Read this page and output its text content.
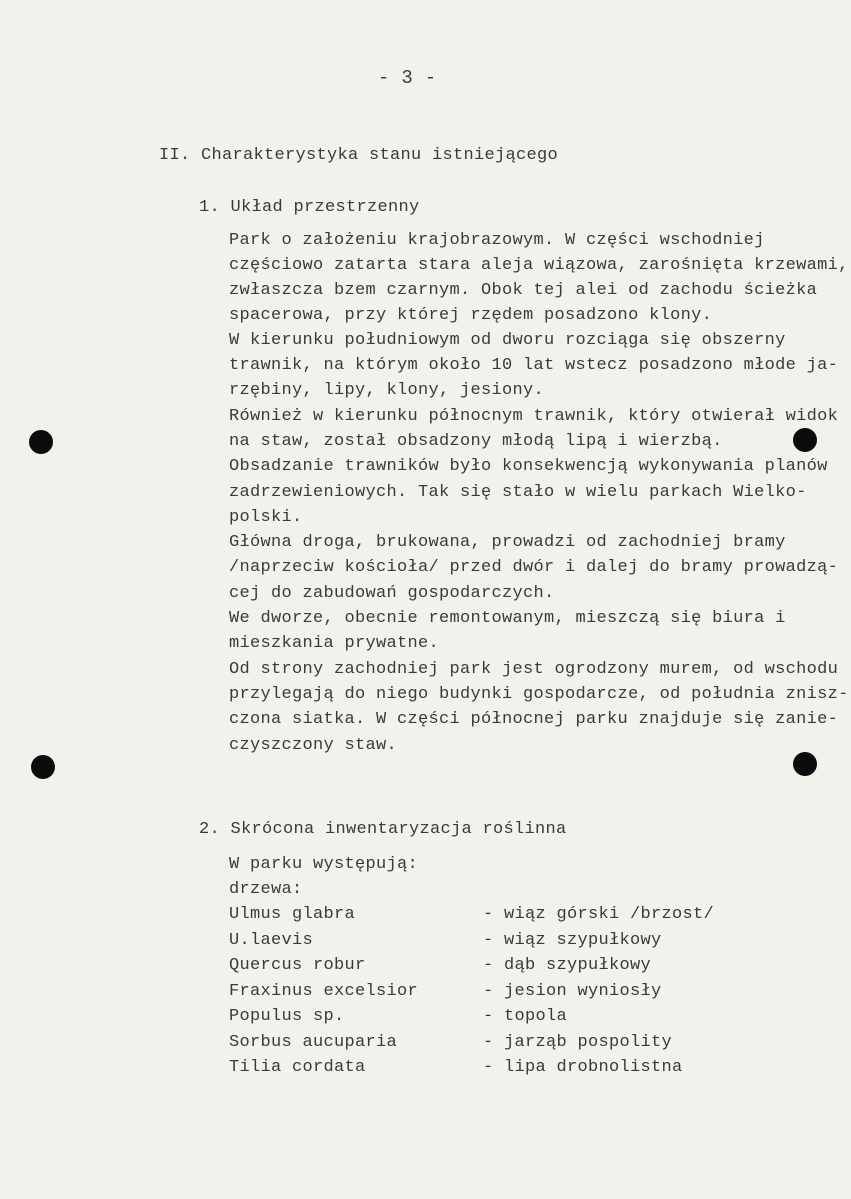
- 3 -
II. Charakterystyka stanu istniejącego
1. Układ przestrzenny
Park o założeniu krajobrazowym. W części wschodniej
częściowo zatarta stara aleja wiązowa, zarośnięta krzewami,
zwłaszcza bzem czarnym. Obok tej alei od zachodu ścieżka
spacerowa, przy której rzędem posadzono klony.
W kierunku południowym od dworu rozciąga się obszerny
trawnik, na którym około 10 lat wstecz posadzono młode ja-
rzębiny, lipy, klony, jesiony.
Również w kierunku północnym trawnik, który otwierał widok
na staw, został obsadzony młodą lipą i wierzbą.
Obsadzanie trawników było konsekwencją wykonywania planów
zadrzewieniowych. Tak się stało w wielu parkach Wielko-
polski.
Główna droga, brukowana, prowadzi od zachodniej bramy
/naprzeciw kościoła/ przed dwór i dalej do bramy prowadzą-
cej do zabudowań gospodarczych.
We dworze, obecnie remontowanym, mieszczą się biura i
mieszkania prywatne.
Od strony zachodniej park jest ogrodzony murem, od wschodu
przylegają do niego budynki gospodarcze, od południa znisz-
czona siatka. W części północnej parku znajduje się zanie-
czyszczony staw.
2. Skrócona inwentaryzacja roślinna
W parku występują:
drzewa:
Ulmus glabra	- wiąz górski /brzost/
U.laevis	- wiąz szypułkowy
Quercus robur	- dąb szypułkowy
Fraxinus excelsior	- jesion wyniosły
Populus sp.	- topola
Sorbus aucuparia	- jarząb pospolity
Tilia cordata	- lipa drobnolistna
